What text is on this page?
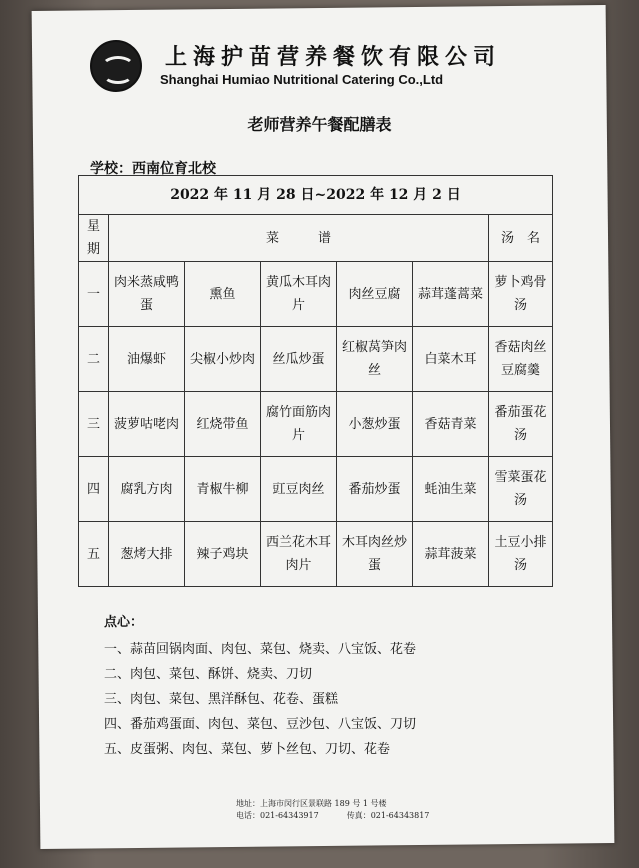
上海护苗营养餐饮有限公司
Shanghai Humiao Nutritional Catering Co.,Ltd
老师营养午餐配膳表
学校：西南位育北校
2022 年 11 月 28 日~2022 年 12 月 2 日						
星期	菜　　　谱					汤　名
一	肉米蒸咸鸭蛋	熏鱼	黄瓜木耳肉片	肉丝豆腐	蒜茸蓬蒿菜	萝卜鸡骨汤
二	油爆虾	尖椒小炒肉	丝瓜炒蛋	红椒莴笋肉丝	白菜木耳	香菇肉丝豆腐羹
三	菠萝咕咾肉	红烧带鱼	腐竹面筋肉片	小葱炒蛋	香菇青菜	番茄蛋花汤
四	腐乳方肉	青椒牛柳	豇豆肉丝	番茄炒蛋	蚝油生菜	雪菜蛋花汤
五	葱烤大排	辣子鸡块	西兰花木耳肉片	木耳肉丝炒蛋	蒜茸菠菜	土豆小排汤
点心：
一、蒜苗回锅肉面、肉包、菜包、烧卖、八宝饭、花卷
二、肉包、菜包、酥饼、烧卖、刀切
三、肉包、菜包、黑洋酥包、花卷、蛋糕
四、番茄鸡蛋面、肉包、菜包、豆沙包、八宝饭、刀切
五、皮蛋粥、肉包、菜包、萝卜丝包、刀切、花卷
地址：上海市闵行区景联路 189 号 1 号楼
电话：021-64343917	传真：021-64343817
